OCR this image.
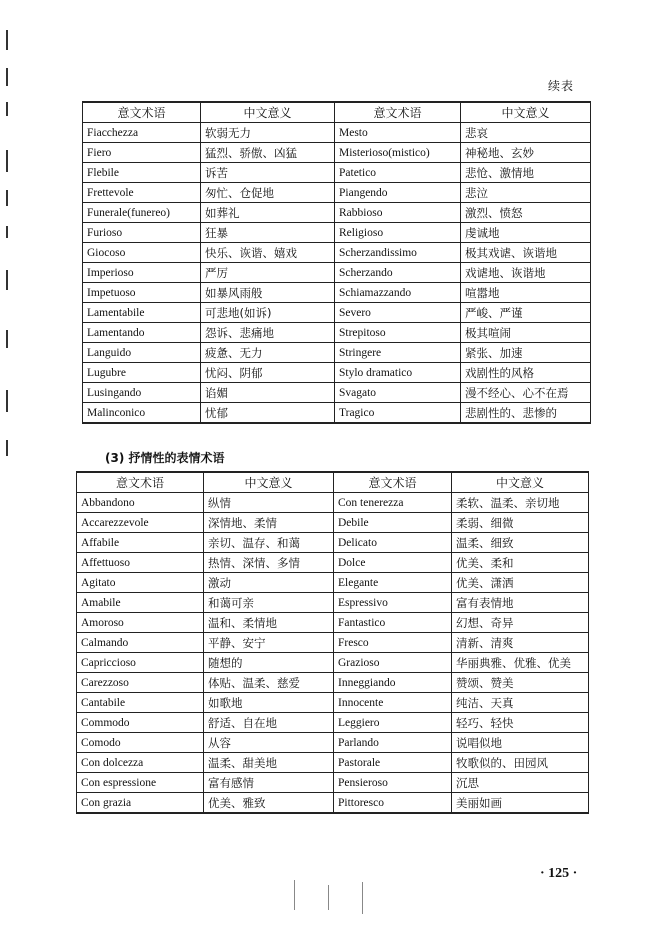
续表
意文术语	中文意义	意文术语	中文意义
Fiacchezza	软弱无力	Mesto	悲哀
Fiero	猛烈、骄傲、凶猛	Misterioso(mistico)	神秘地、玄妙
Flebile	诉苦	Patetico	悲怆、激情地
Frettevole	匆忙、仓促地	Piangendo	悲泣
Funerale(funereo)	如葬礼	Rabbioso	激烈、愤怒
Furioso	狂暴	Religioso	虔诚地
Giocoso	快乐、诙谐、嬉戏	Scherzandissimo	极其戏谑、诙谐地
Imperioso	严厉	Scherzando	戏谑地、诙谐地
Impetuoso	如暴风雨般	Schiamazzando	喧嚣地
Lamentabile	可悲地(如诉)	Severo	严峻、严谨
Lamentando	怨诉、悲痛地	Strepitoso	极其喧闹
Languido	疲惫、无力	Stringere	紧张、加速
Lugubre	忧闷、阴郁	Stylo dramatico	戏剧性的风格
Lusingando	谄媚	Svagato	漫不经心、心不在焉
Malinconico	忧郁	Tragico	悲剧性的、悲惨的
(3) 抒情性的表情术语
意文术语	中文意义	意文术语	中文意义
Abbandono	纵情	Con tenerezza	柔软、温柔、亲切地
Accarezzevole	深情地、柔情	Debile	柔弱、细微
Affabile	亲切、温存、和蔼	Delicato	温柔、细致
Affettuoso	热情、深情、多情	Dolce	优美、柔和
Agitato	激动	Elegante	优美、潇洒
Amabile	和蔼可亲	Espressivo	富有表情地
Amoroso	温和、柔情地	Fantastico	幻想、奇异
Calmando	平静、安宁	Fresco	清新、清爽
Capriccioso	随想的	Grazioso	华丽典雅、优雅、优美
Carezzoso	体贴、温柔、慈爱	Inneggiando	赞颂、赞美
Cantabile	如歌地	Innocente	纯洁、天真
Commodo	舒适、自在地	Leggiero	轻巧、轻快
Comodo	从容	Parlando	说唱似地
Con dolcezza	温柔、甜美地	Pastorale	牧歌似的、田园风
Con espressione	富有感情	Pensieroso	沉思
Con grazia	优美、雅致	Pittoresco	美丽如画
· 125 ·
